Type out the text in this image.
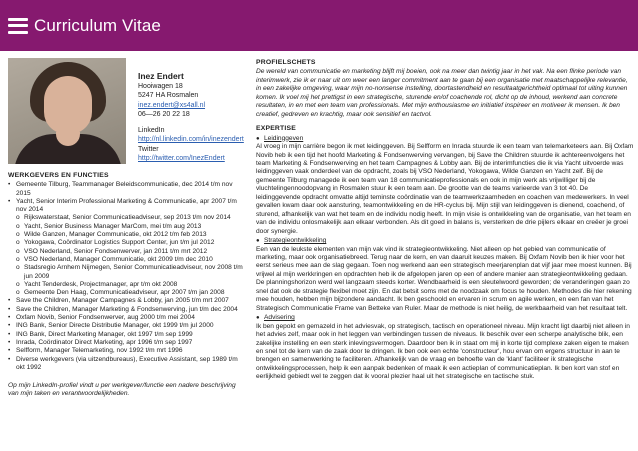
Curriculum Vitae
Inez Endert
Hooiwagen 18
5247 HA Rosmalen
inez.endert@xs4all.nl
06—26 20 22 18
LinkedIn
http://nl.linkedin.com/in/inezendert
Twitter
http://twitter.com/InezEndert
WERKGEVERS EN FUNCTIES
• Gemeente Tilburg, Teammanager Beleidscommunicatie, dec 2014 t/m nov 2015
• Yacht, Senior Interim Professional Marketing & Communicatie, apr 2007 t/m nov 2014
o Rijkswaterstaat, Senior Communicatieadviseur, sep 2013 t/m nov 2014
o Yacht, Senior Business Manager MarCom, mei t/m aug 2013
o Wilde Ganzen, Manager Communicatie, okt 2012 t/m feb 2013
o Yokogawa, Coördinator Logistics Support Center, jun t/m jul 2012
o VSO Nederland, Senior Fondsenwerver, jan 2011 t/m mrt 2012
o VSO Nederland, Manager Communicatie, okt 2009 t/m dec 2010
o Stadsregio Arnhem Nijmegen, Senior Communicatieadviseur, nov 2008 t/m jun 2009
o Yacht Tenderdesk, Projectmanager, apr t/m okt 2008
o Gemeente Den Haag, Communicatieadviseur, apr 2007 t/m jan 2008
• Save the Children, Manager Campagnes & Lobby, jan 2005 t/m mrt 2007
• Save the Children, Manager Marketing & Fondsenwerving, jun t/m dec 2004
• Oxfam Novib, Senior Fondsenwerver, aug 2000 t/m mei 2004
• ING Bank, Senior Directe Distributie Manager, okt 1999 t/m jul 2000
• ING Bank, Direct Marketing Manager, okt 1997 t/m sep 1999
• Inrada, Coördinator Direct Marketing, apr 1996 t/m sep 1997
• Selfform, Manager Telemarketing, nov 1992 t/m mrt 1996
• Diverse werkgevers (via uitzendbureaus), Executive Assistant, sep 1989 t/m okt 1992
Op mijn LinkedIn-profiel vindt u per werkgever/functie een nadere beschrijving van mijn taken en verantwoordelijkheden.
PROFIELSCHETS
De wereld van communicatie en marketing blijft mij boeien, ook na meer dan twintig jaar in het vak. Na een flinke periode van interimwerk, zie ik er naar uit om weer een langer commitment aan te gaan bij een organisatie met maatschappelijke relevantie, in een zakelijke omgeving, waar mijn no-nonsense instelling, doortastendheid en resultaatgerichtheid optimaal tot uiting kunnen komen. Ik voel mij het prettigst in een strategische, sturende en/of coachende rol, dicht op de inhoud, werkend aan concrete resultaten, in en met een team van professionals. Met mijn enthousiasme en initiatief inspireer en motiveer ik mensen. Ik ben creatief, gedreven en krachtig, maar ook sensitief en tactvol.
EXPERTISE
● Leidinggeven
Al vroeg in mijn carrière begon ik met leidinggeven. Bij Selfform en Inrada stuurde ik een team van telemarketeers aan. Bij Oxfam Novib heb ik een tijd het hoofd Marketing & Fondsenwerving vervangen, bij Save the Children stuurde ik achtereenvolgens het team Marketing & Fondsenwerving en het team Campagnes & Lobby aan. Bij de interimfuncties die ik via Yacht uitvoerde was leidinggeven vaak onderdeel van de opdracht, zoals bij VSO Nederland, Yokogawa, Wilde Ganzen en Yacht zelf. Bij de gemeente Tilburg managede ik een team van 18 communicatieprofessionals en ook in mijn werk als vrijwilliger bij de vluchtelingennoodopvang in Rosmalen stuur ik een team aan. De grootte van de teams varieerde van 3 tot 40. De leidinggevende opdracht omvatte altijd teminste coördinatie van de teamwerkzaamheden en coachen van medewerkers. In veel gevallen kwam daar ook aansturing, teamontwikkeling en de HR-cyclus bij. Mijn stijl van leidinggeven is dienend, coachend, of sturend, afhankelijk van wat het team en de individu nodig heeft. In mijn visie is ontwikkeling van de organisatie, van het team en van de individu onlosmakelijk aan elkaar verbonden. Als dit goed in balans is, versterken de drie pijlers elkaar en creëer je groei door synergie.
● Strategieontwikkeling
Een van de leukste elementen van mijn vak vind ik strategieontwikkeling. Niet alleen op het gebied van communicatie of marketing, maar ook organisatiebreed. Terug naar de kern, en van daaruit keuzes maken. Bij Oxfam Novib ben ik hier voor het eerst serieus mee aan de slag gegaan. Toen nog werkend aan een strategisch meerjarenplan dat vijf jaar mee moest kunnen. Bij vrijwel al mijn werkkringen en opdrachten heb ik de afgelopen jaren op een of andere manier aan strategieontwikkeling gedaan. De planningshorizon werd wel langzaam steeds korter. Wendbaarheid is een sleutelwoord geworden; de veranderingen gaan zo snel dat ook de strategie flexibel moet zijn. En dat betsit soms met de noodzaak om focus te houden. Methodes die hier rekening mee houden, hebben mijn bijzondere aandacht. Ik ben geschoold en ervaren in scrum en agile werken, en een fan van het Strategisch Communicatie Frame van Betteke van Ruler. Maar de methode is niet heilig, de werkbaarheid van het resultaat telt.
● Advisering
Ik ben gepokt en gemazeld in het adviesvak, op strategisch, tactisch en operationeel niveau. Mijn kracht ligt daarbij niet alleen in het advies zelf, maar ook in het leggen van verbindingen tussen de niveaus. Ik beschik over een scherpe analytische blik, een zakelijke instelling en een sterk inlevingsvermogen. Daardoor ben ik in staat om mij in korte tijd complexe zaken eigen te maken en snel tot de kern van de zaak door te dringen. Ik ben ook een echte 'constructeur', hou ervan om ergens structuur in aan te brengen en samenwerking te faciliteren. Afhankelijk van de vraag en behoefte van de 'klant' faciliteer ik strategische ontwikkelingsprocessen, help ik een aanpak bedenken of maak ik een actieplan of communicatieplan. Ik ben kort van stof en eerlijkheid gebiedt wel te zeggen dat ik vooral plezier haal uit het strategische en tactische stuk.
